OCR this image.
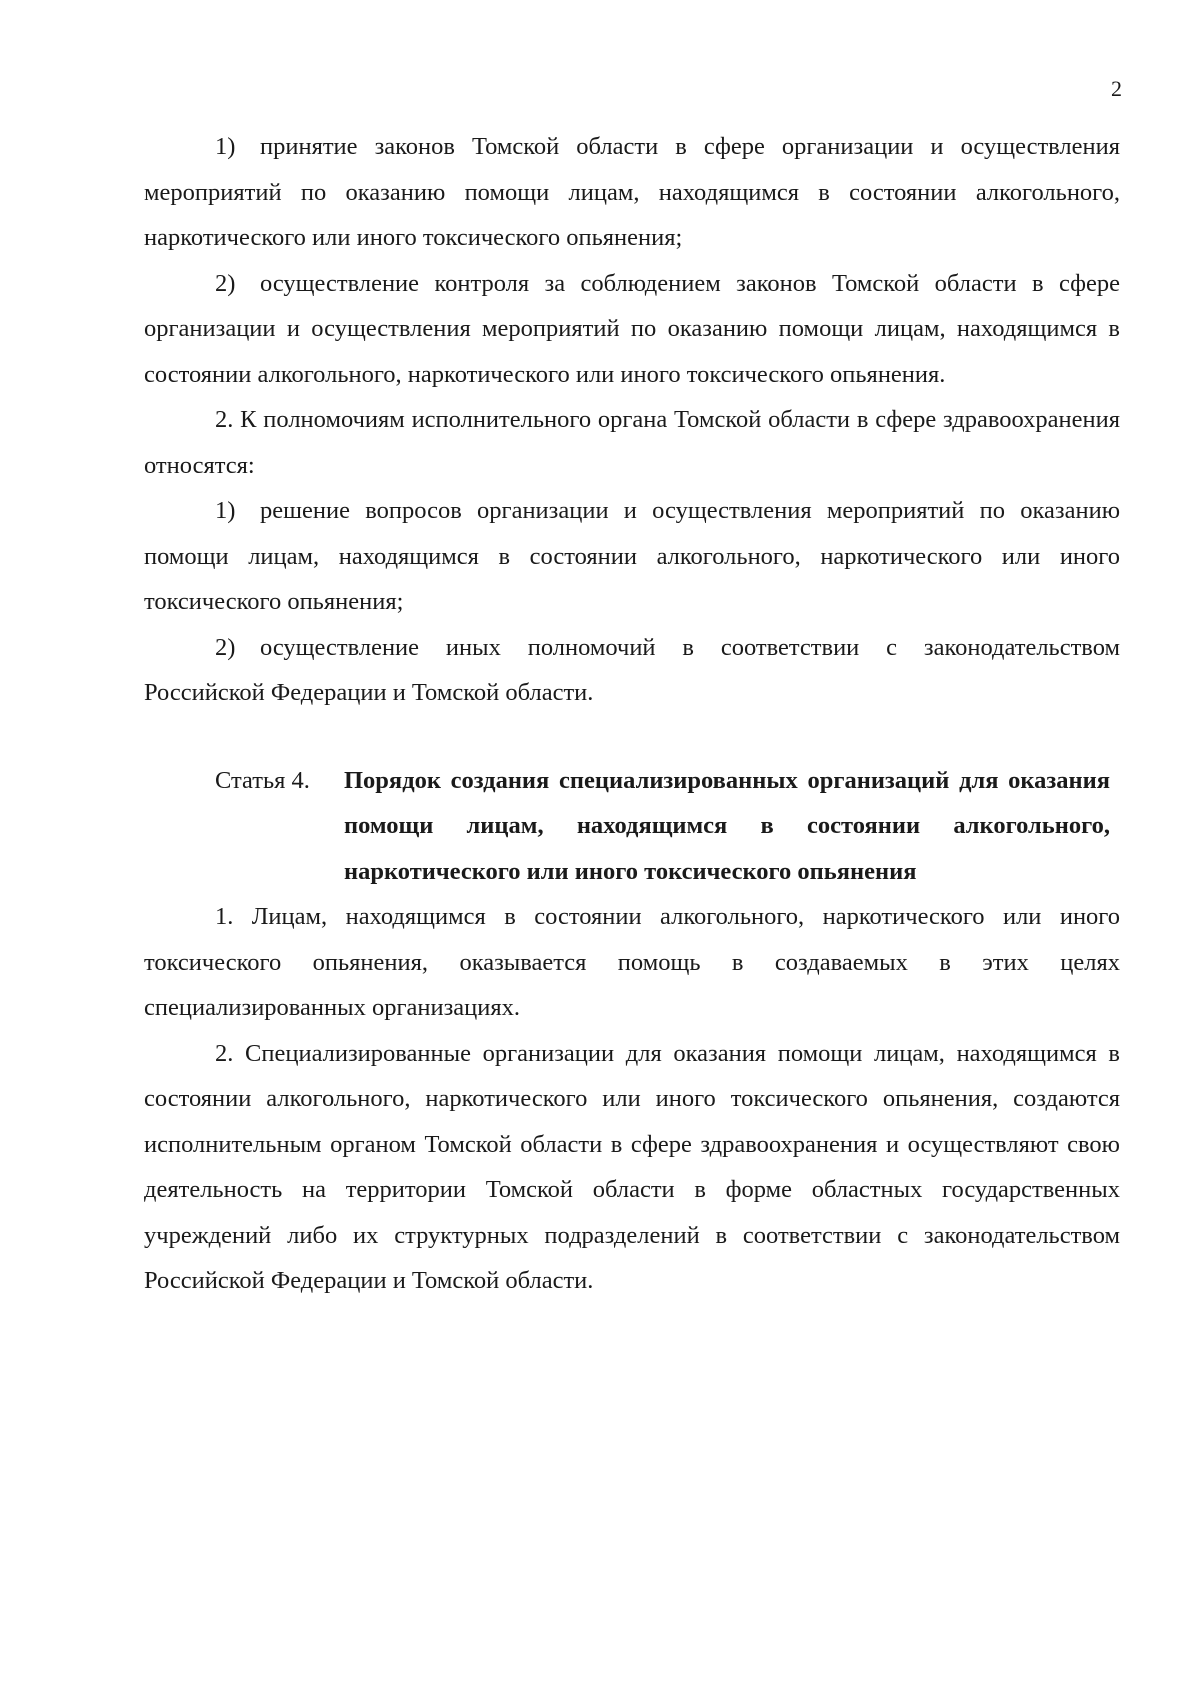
2

1) принятие законов Томской области в сфере организации и осуществления мероприятий по оказанию помощи лицам, находящимся в состоянии алкогольного, наркотического или иного токсического опьянения;

2) осуществление контроля за соблюдением законов Томской области в сфере организации и осуществления мероприятий по оказанию помощи лицам, находящимся в состоянии алкогольного, наркотического или иного токсического опьянения.

2. К полномочиям исполнительного органа Томской области в сфере здравоохранения относятся:

1) решение вопросов организации и осуществления мероприятий по оказанию помощи лицам, находящимся в состоянии алкогольного, наркотического или иного токсического опьянения;

2) осуществление иных полномочий в соответствии с законодательством Российской Федерации и Томской области.

Статья 4.	Порядок создания специализированных организаций для оказания помощи лицам, находящимся в состоянии алкогольного, наркотического или иного токсического опьянения

1. Лицам, находящимся в состоянии алкогольного, наркотического или иного токсического опьянения, оказывается помощь в создаваемых в этих целях специализированных организациях.

2. Специализированные организации для оказания помощи лицам, находящимся в состоянии алкогольного, наркотического или иного токсического опьянения, создаются исполнительным органом Томской области в сфере здравоохранения и осуществляют свою деятельность на территории Томской области в форме областных государственных учреждений либо их структурных подразделений в соответствии с законодательством Российской Федерации и Томской области.
